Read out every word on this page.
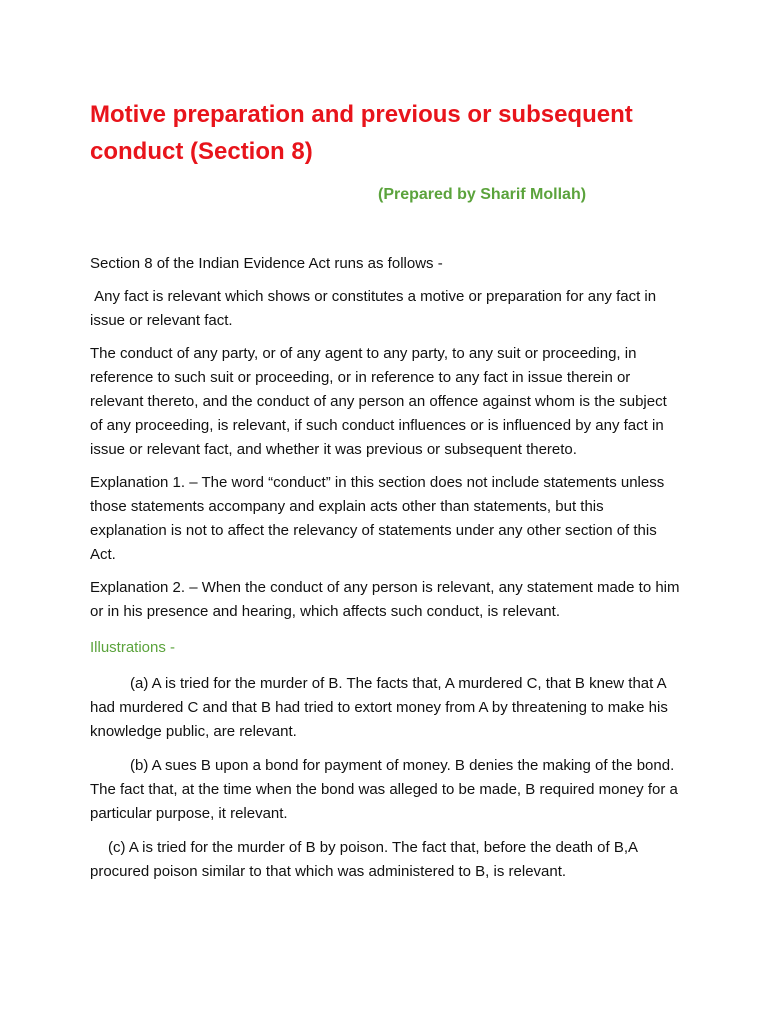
Motive preparation and previous or subsequent conduct (Section 8)
(Prepared by Sharif Mollah)

Section 8 of the Indian Evidence Act runs as follows -

Any fact is relevant which shows or constitutes a motive or preparation for any fact in issue or relevant fact.

The conduct of any party, or of any agent to any party, to any suit or proceeding, in reference to such suit or proceeding, or in reference to any fact in issue therein or relevant thereto, and the conduct of any person an offence against whom is the subject of any proceeding, is relevant, if such conduct influences or is influenced by any fact in issue or relevant fact, and whether it was previous or subsequent thereto.

Explanation 1. – The word “conduct” in this section does not include statements unless those statements accompany and explain acts other than statements, but this explanation is not to affect the relevancy of statements under any other section of this Act.

Explanation 2. – When the conduct of any person is relevant, any statement made to him or in his presence and hearing, which affects such conduct, is relevant.

Illustrations -

(a) A is tried for the murder of B. The facts that, A murdered C, that B knew that A had murdered C and that B had tried to extort money from A by threatening to make his knowledge public, are relevant.

(b) A sues B upon a bond for payment of money. B denies the making of the bond. The fact that, at the time when the bond was alleged to be made, B required money for a particular purpose, it relevant.

(c) A is tried for the murder of B by poison. The fact that, before the death of B,A procured poison similar to that which was administered to B, is relevant.
